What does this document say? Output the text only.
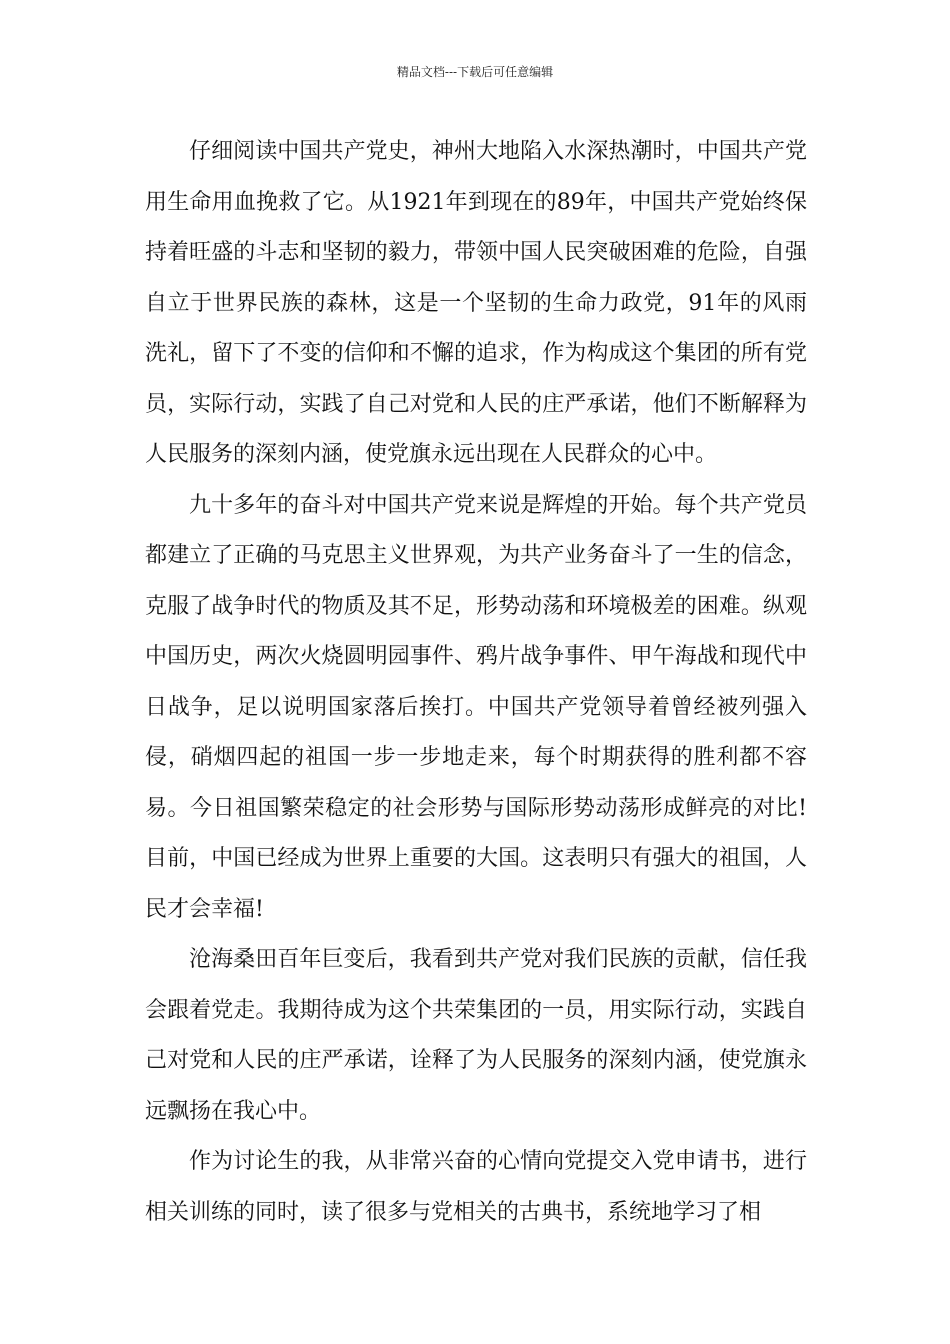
精品文档---下载后可任意编辑

仔细阅读中国共产党史，神州大地陷入水深热潮时，中国共产党用生命用血挽救了它。从1921年到现在的89年，中国共产党始终保持着旺盛的斗志和坚韧的毅力，带领中国人民突破困难的危险，自强自立于世界民族的森林，这是一个坚韧的生命力政党，91年的风雨洗礼，留下了不变的信仰和不懈的追求，作为构成这个集团的所有党员，实际行动，实践了自己对党和人民的庄严承诺，他们不断解释为人民服务的深刻内涵，使党旗永远出现在人民群众的心中。

九十多年的奋斗对中国共产党来说是辉煌的开始。每个共产党员都建立了正确的马克思主义世界观，为共产业务奋斗了一生的信念，克服了战争时代的物质及其不足，形势动荡和环境极差的困难。纵观中国历史，两次火烧圆明园事件、鸦片战争事件、甲午海战和现代中日战争，足以说明国家落后挨打。中国共产党领导着曾经被列强入侵，硝烟四起的祖国一步一步地走来，每个时期获得的胜利都不容易。今日祖国繁荣稳定的社会形势与国际形势动荡形成鲜亮的对比!目前，中国已经成为世界上重要的大国。这表明只有强大的祖国，人民才会幸福!

沧海桑田百年巨变后，我看到共产党对我们民族的贡献，信任我会跟着党走。我期待成为这个共荣集团的一员，用实际行动，实践自己对党和人民的庄严承诺，诠释了为人民服务的深刻内涵，使党旗永远飘扬在我心中。

作为讨论生的我，从非常兴奋的心情向党提交入党申请书，进行相关训练的同时，读了很多与党相关的古典书，系统地学习了相
